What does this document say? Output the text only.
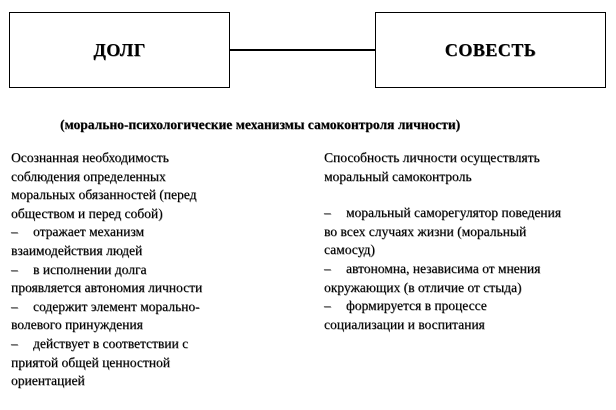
ДОЛГ	СОВЕСТЬ
(морально-психологические механизмы самоконтроля личности)
Осознанная необходимость
соблюдения определенных
моральных обязанностей (перед
обществом и перед собой)
– отражает механизм
взаимодействия людей
– в исполнении долга
проявляется автономия личности
– содержит элемент морально-
волевого принуждения
– действует в соответствии с
приятой общей ценностной
ориентацией
Способность личности осуществлять
моральный самоконтроль
– моральный саморегулятор поведения
во всех случаях жизни (моральный
самосуд)
– автономна, независима от мнения
окружающих (в отличие от стыда)
– формируется в процессе
социализации и воспитания
